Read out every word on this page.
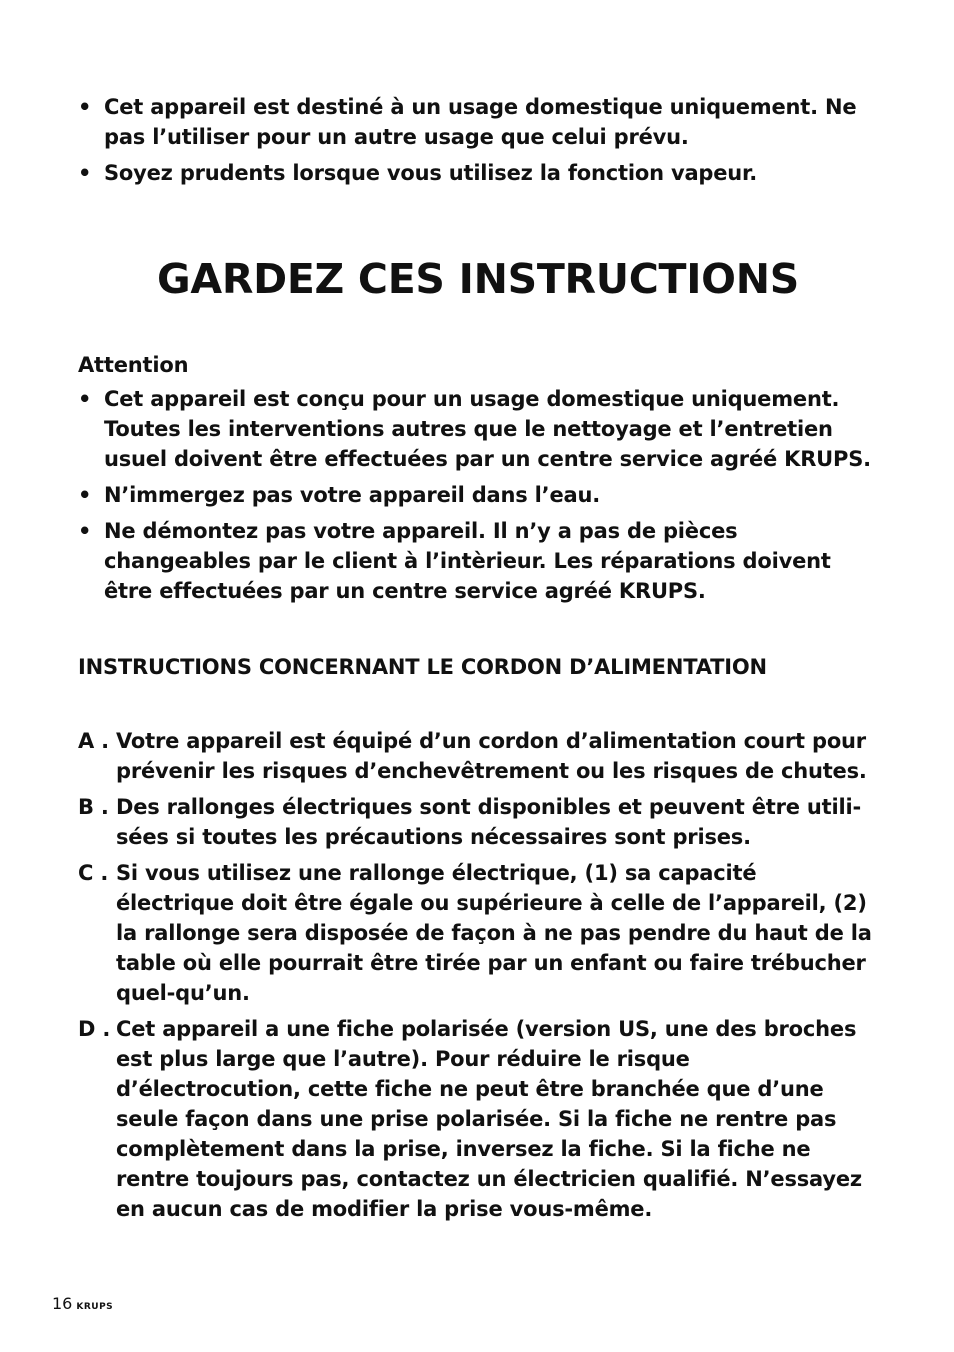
• Cet appareil est destiné à un usage domestique uniquement. Ne pas l’utiliser pour un autre usage que celui prévu.
• Soyez prudents lorsque vous utilisez la fonction vapeur.
GARDEZ CES INSTRUCTIONS
Attention
• Cet appareil est conçu pour un usage domestique uniquement. Toutes les interventions autres que le nettoyage et l’entretien usuel doivent être effectuées par un centre service agréé KRUPS.
• N’immergez pas votre appareil dans l’eau.
• Ne démontez pas votre appareil. Il n’y a pas de pièces changeables par le client à l’intèrieur. Les réparations doivent être effectuées par un centre service agréé KRUPS.
INSTRUCTIONS CONCERNANT LE CORDON D’ALIMENTATION
A . Votre appareil est équipé d’un cordon d’alimentation court pour prévenir les risques d’enchevêtrement ou les risques de chutes.
B . Des rallonges électriques sont disponibles et peuvent être utili-sées si toutes les précautions nécessaires sont prises.
C . Si vous utilisez une rallonge électrique, (1) sa capacité électrique doit être égale ou supérieure à celle de l’appareil, (2) la rallonge sera disposée de façon à ne pas pendre du haut de la table où elle pourrait être tirée par un enfant ou faire trébucher quel-qu’un.
D . Cet appareil a une fiche polarisée (version US, une des broches est plus large que l’autre). Pour réduire le risque d’électrocution, cette fiche ne peut être branchée que d’une seule façon dans une prise polarisée. Si la fiche ne rentre pas complètement dans la prise, inversez la fiche. Si la fiche ne rentre toujours pas, contactez un électricien qualifié. N’essayez en aucun cas de modifier la prise vous-même.
16 KRUPS
